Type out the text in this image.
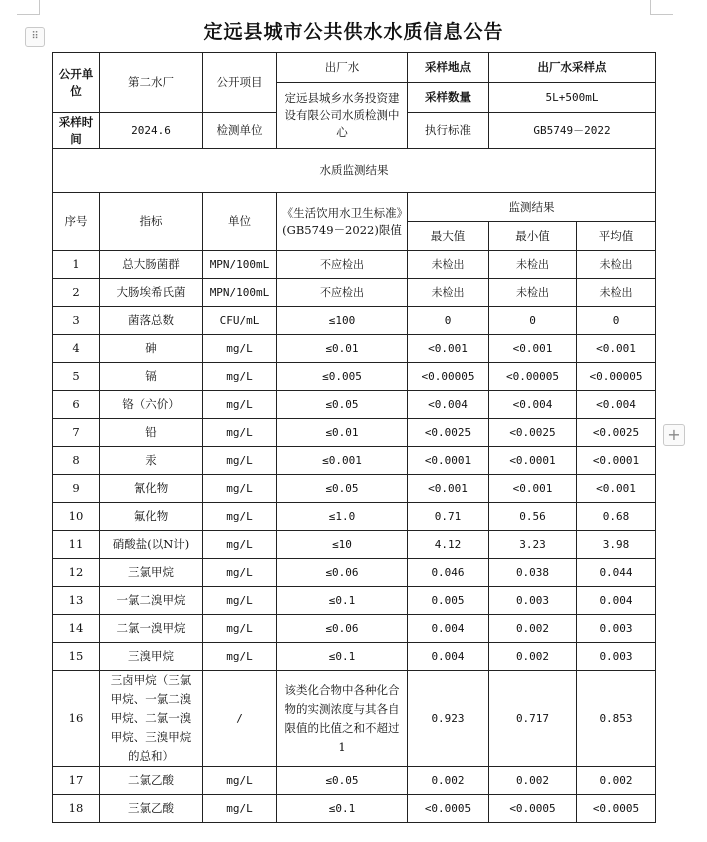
⠿
+
定远县城市公共供水水质信息公告
公开单位	第二水厂	公开项目	出厂水	采样地点	出厂水采样点	
			定远县城乡水务投资建设有限公司水质检测中心	采样数量	5L+500mL	
采样时间	2024.6	检测单位		执行标准	GB5749－2022	
水质监测结果						
序号	指标	单位	《生活饮用水卫生标准》(GB5749－2022)限值	监测结果		
				最大值	最小值	平均值
1	总大肠菌群	MPN/100mL	不应检出	未检出	未检出	未检出
2	大肠埃希氏菌	MPN/100mL	不应检出	未检出	未检出	未检出
3	菌落总数	CFU/mL	≤100	0	0	0
4	砷	mg/L	≤0.01	<0.001	<0.001	<0.001
5	镉	mg/L	≤0.005	<0.00005	<0.00005	<0.00005
6	铬（六价）	mg/L	≤0.05	<0.004	<0.004	<0.004
7	铅	mg/L	≤0.01	<0.0025	<0.0025	<0.0025
8	汞	mg/L	≤0.001	<0.0001	<0.0001	<0.0001
9	氰化物	mg/L	≤0.05	<0.001	<0.001	<0.001
10	氟化物	mg/L	≤1.0	0.71	0.56	0.68
11	硝酸盐(以N计)	mg/L	≤10	4.12	3.23	3.98
12	三氯甲烷	mg/L	≤0.06	0.046	0.038	0.044
13	一氯二溴甲烷	mg/L	≤0.1	0.005	0.003	0.004
14	二氯一溴甲烷	mg/L	≤0.06	0.004	0.002	0.003
15	三溴甲烷	mg/L	≤0.1	0.004	0.002	0.003
16	三卤甲烷（三氯甲烷、一氯二溴甲烷、二氯一溴甲烷、三溴甲烷的总和）	/	该类化合物中各种化合物的实测浓度与其各自限值的比值之和不超过1	0.923	0.717	0.853
17	二氯乙酸	mg/L	≤0.05	0.002	0.002	0.002
18	三氯乙酸	mg/L	≤0.1	<0.0005	<0.0005	<0.0005
